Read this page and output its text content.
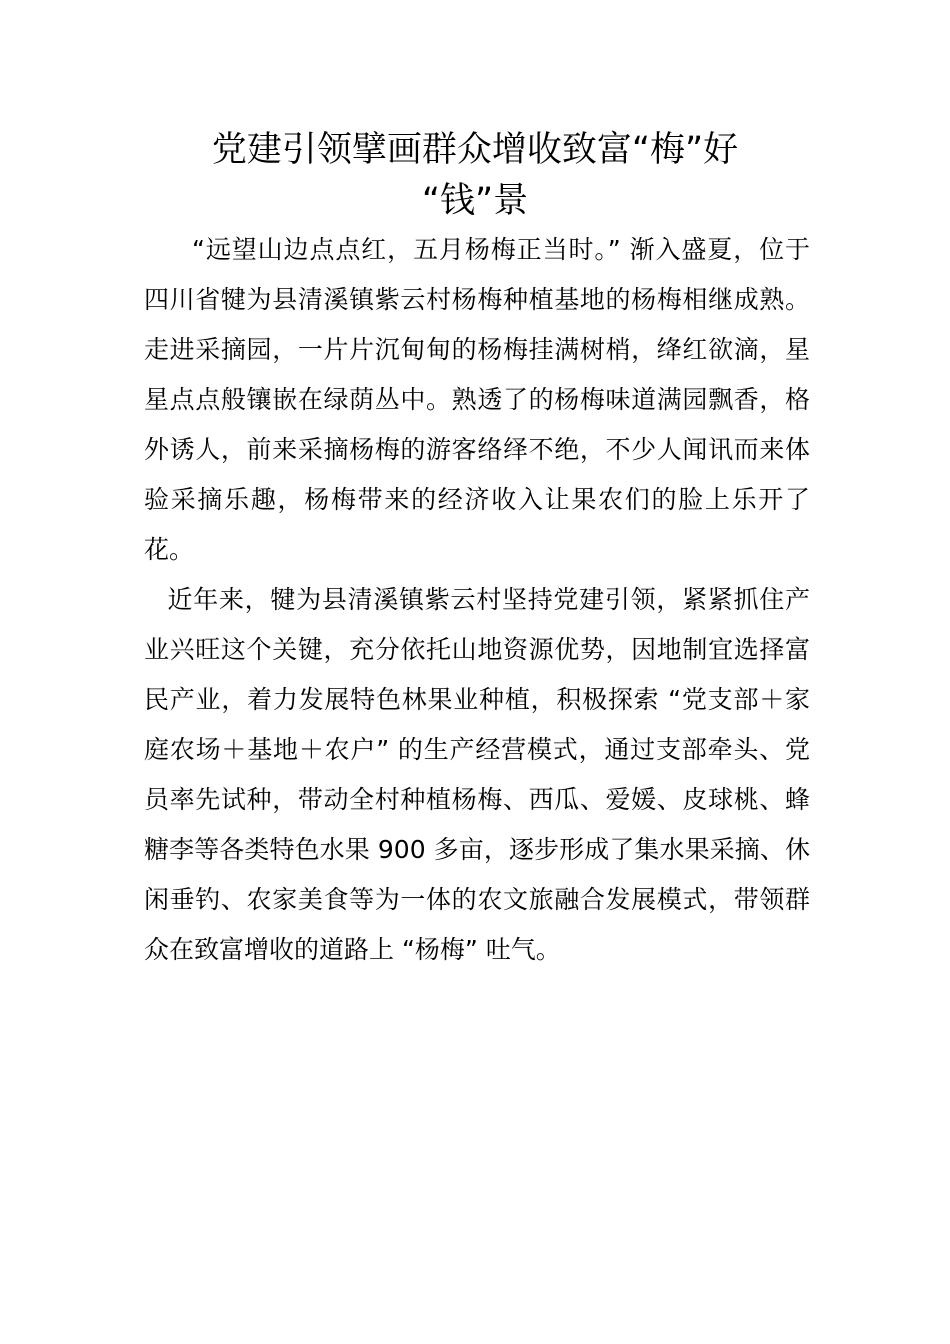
党建引领擘画群众增收致富“梅”好
“钱”景

“远望山边点点红，五月杨梅正当时。” 渐入盛夏，位于四川省犍为县清溪镇紫云村杨梅种植基地的杨梅相继成熟。走进采摘园，一片片沉甸甸的杨梅挂满树梢，绛红欲滴，星星点点般镶嵌在绿荫丛中。熟透了的杨梅味道满园飘香，格外诱人，前来采摘杨梅的游客络绎不绝，不少人闻讯而来体验采摘乐趣，杨梅带来的经济收入让果农们的脸上乐开了花。

近年来，犍为县清溪镇紫云村坚持党建引领，紧紧抓住产业兴旺这个关键，充分依托山地资源优势，因地制宜选择富民产业，着力发展特色林果业种植，积极探索 “党支部＋家庭农场＋基地＋农户” 的生产经营模式，通过支部牵头、党员率先试种，带动全村种植杨梅、西瓜、爱媛、皮球桃、蜂糖李等各类特色水果 900 多亩，逐步形成了集水果采摘、休闲垂钓、农家美食等为一体的农文旅融合发展模式，带领群众在致富增收的道路上 “杨梅” 吐气。
